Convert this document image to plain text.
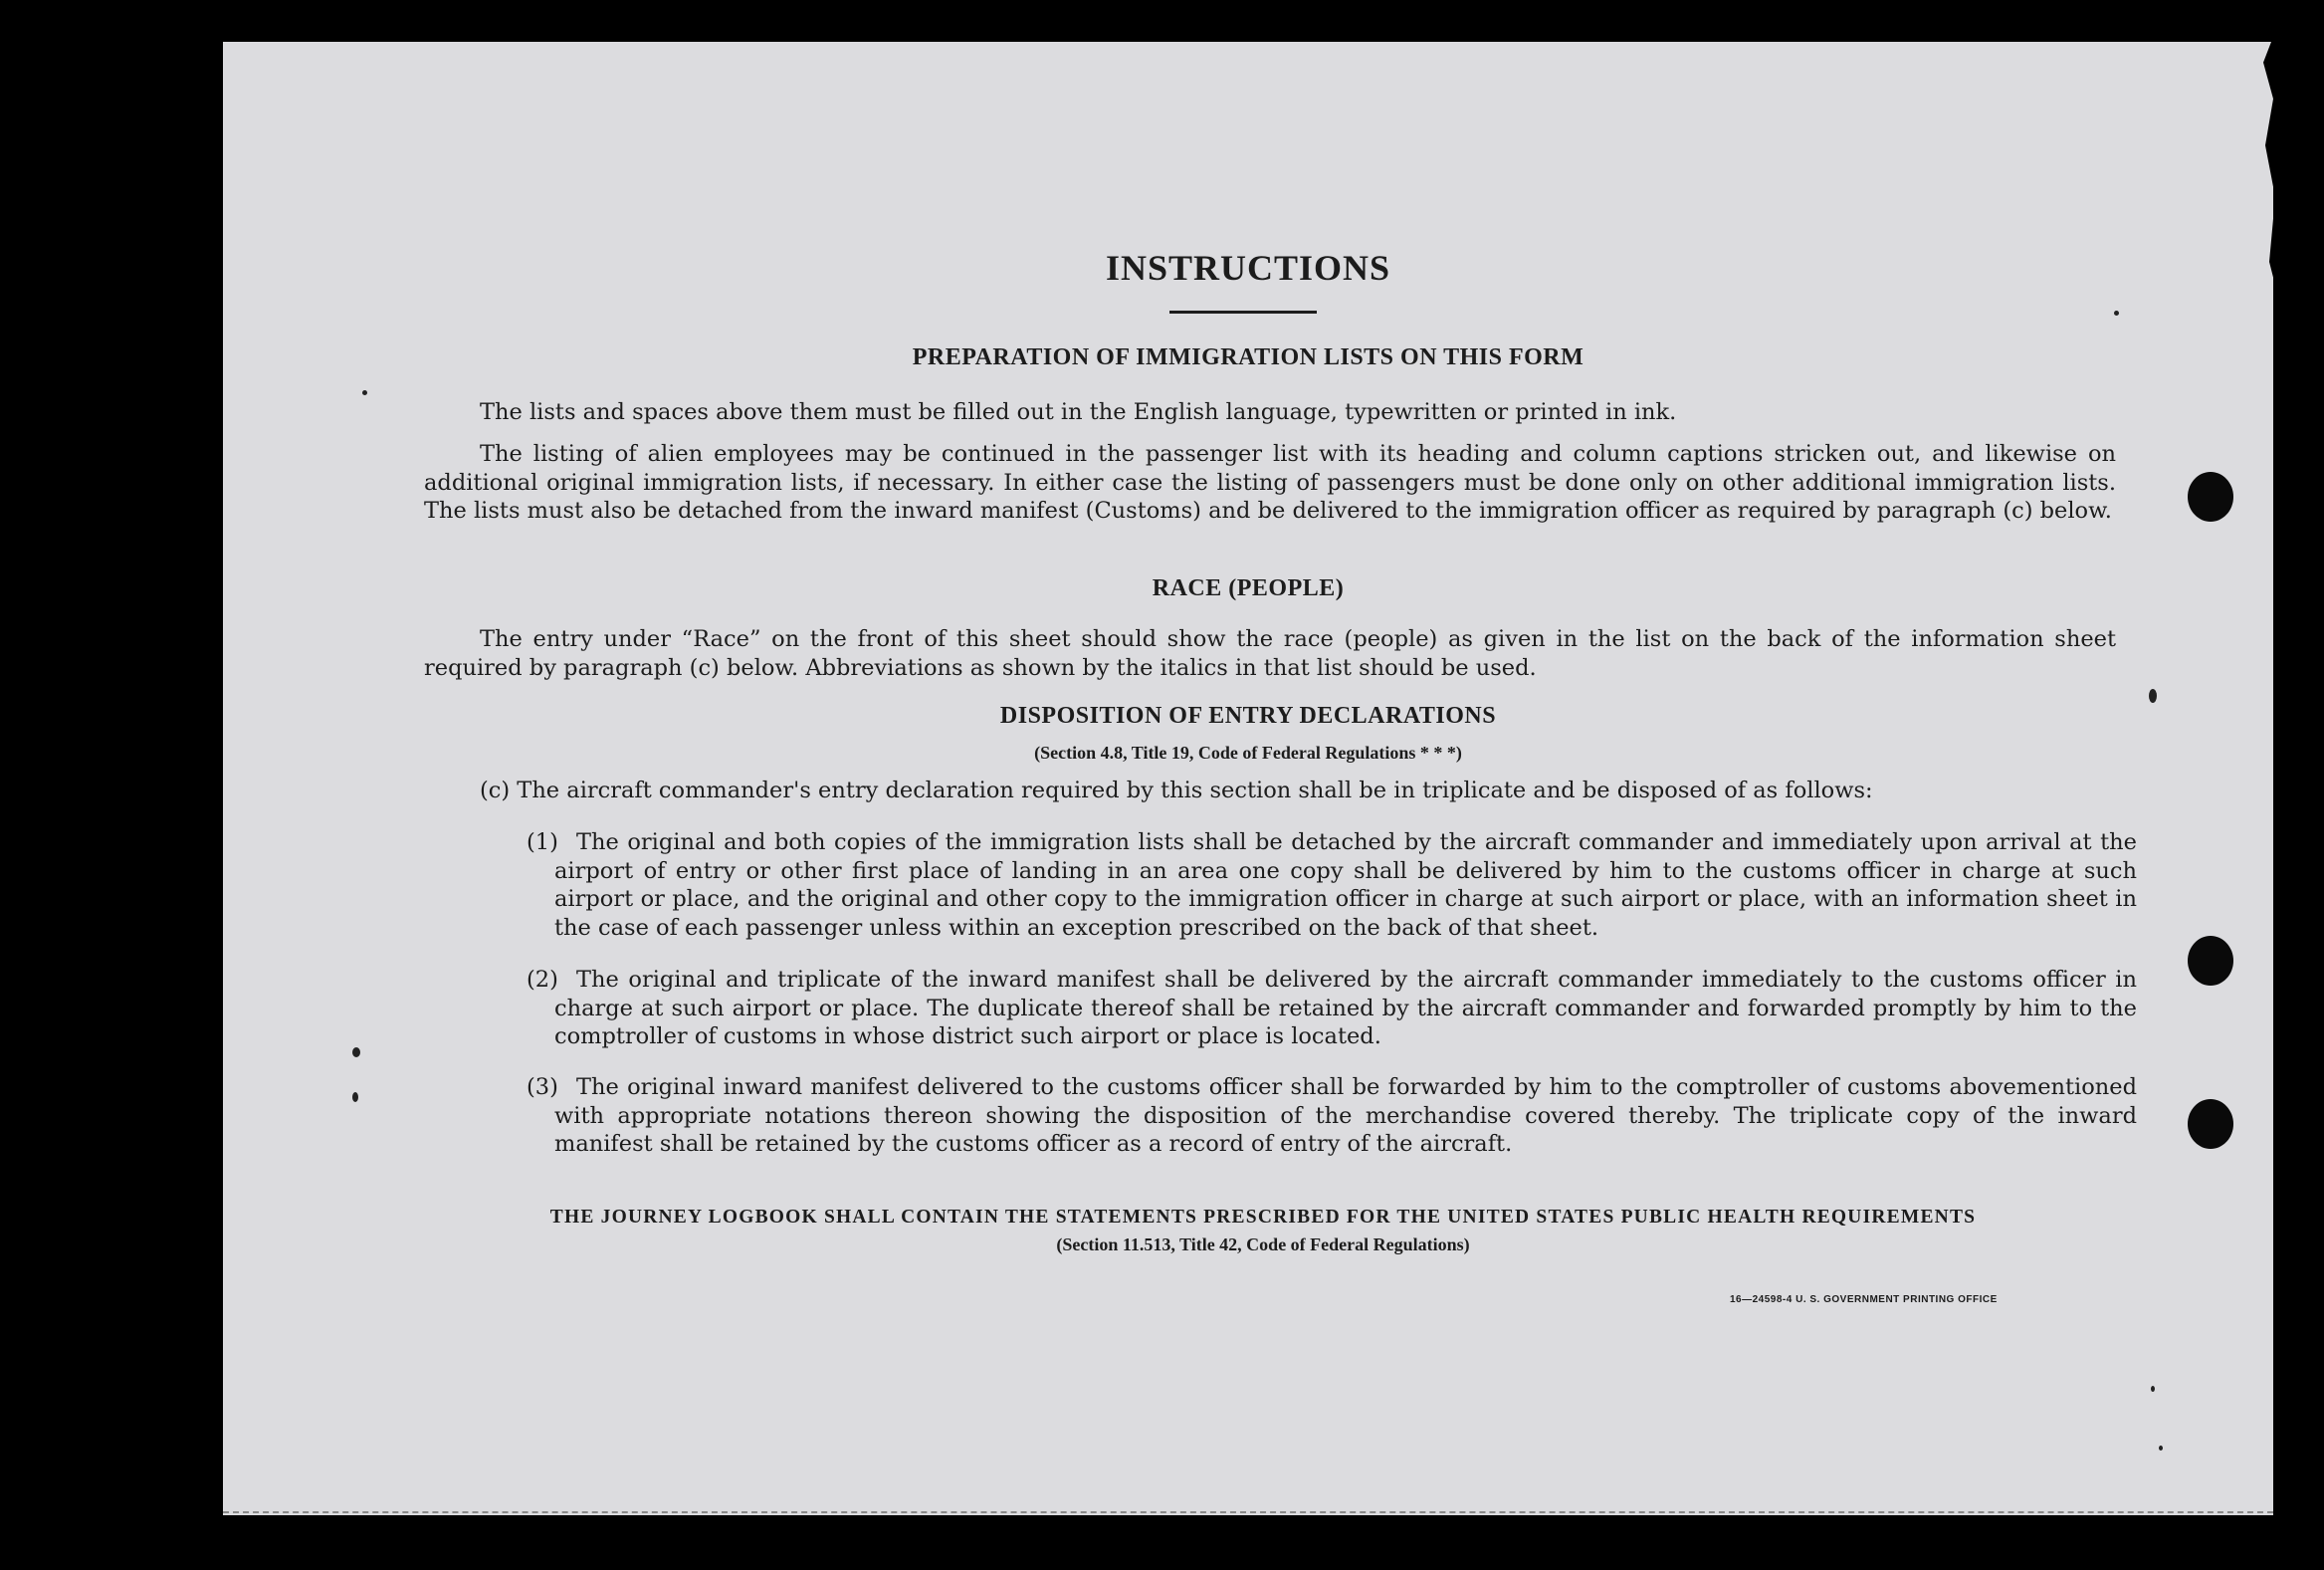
INSTRUCTIONS
PREPARATION OF IMMIGRATION LISTS ON THIS FORM
The lists and spaces above them must be filled out in the English language, typewritten or printed in ink.
The listing of alien employees may be continued in the passenger list with its heading and column captions stricken out, and likewise on additional original immigration lists, if necessary. In either case the listing of passengers must be done only on other additional immigration lists. The lists must also be detached from the inward manifest (Customs) and be delivered to the immigration officer as required by paragraph (c) below.
RACE (PEOPLE)
The entry under “Race” on the front of this sheet should show the race (people) as given in the list on the back of the information sheet required by paragraph (c) below. Abbreviations as shown by the italics in that list should be used.
DISPOSITION OF ENTRY DECLARATIONS
(Section 4.8, Title 19, Code of Federal Regulations * * *)
(c) The aircraft commander's entry declaration required by this section shall be in triplicate and be disposed of as follows:
(1) The original and both copies of the immigration lists shall be detached by the aircraft commander and immediately upon arrival at the airport of entry or other first place of landing in an area one copy shall be delivered by him to the customs officer in charge at such airport or place, and the original and other copy to the immigration officer in charge at such airport or place, with an information sheet in the case of each passenger unless within an exception prescribed on the back of that sheet.
(2) The original and triplicate of the inward manifest shall be delivered by the aircraft commander immediately to the customs officer in charge at such airport or place. The duplicate thereof shall be retained by the aircraft commander and forwarded promptly by him to the comptroller of customs in whose district such airport or place is located.
(3) The original inward manifest delivered to the customs officer shall be forwarded by him to the comptroller of customs abovementioned with appropriate notations thereon showing the disposition of the merchandise covered thereby. The triplicate copy of the inward manifest shall be retained by the customs officer as a record of entry of the aircraft.
THE JOURNEY LOGBOOK SHALL CONTAIN THE STATEMENTS PRESCRIBED FOR THE UNITED STATES PUBLIC HEALTH REQUIREMENTS
(Section 11.513, Title 42, Code of Federal Regulations)
16—24598-4 U. S. GOVERNMENT PRINTING OFFICE
